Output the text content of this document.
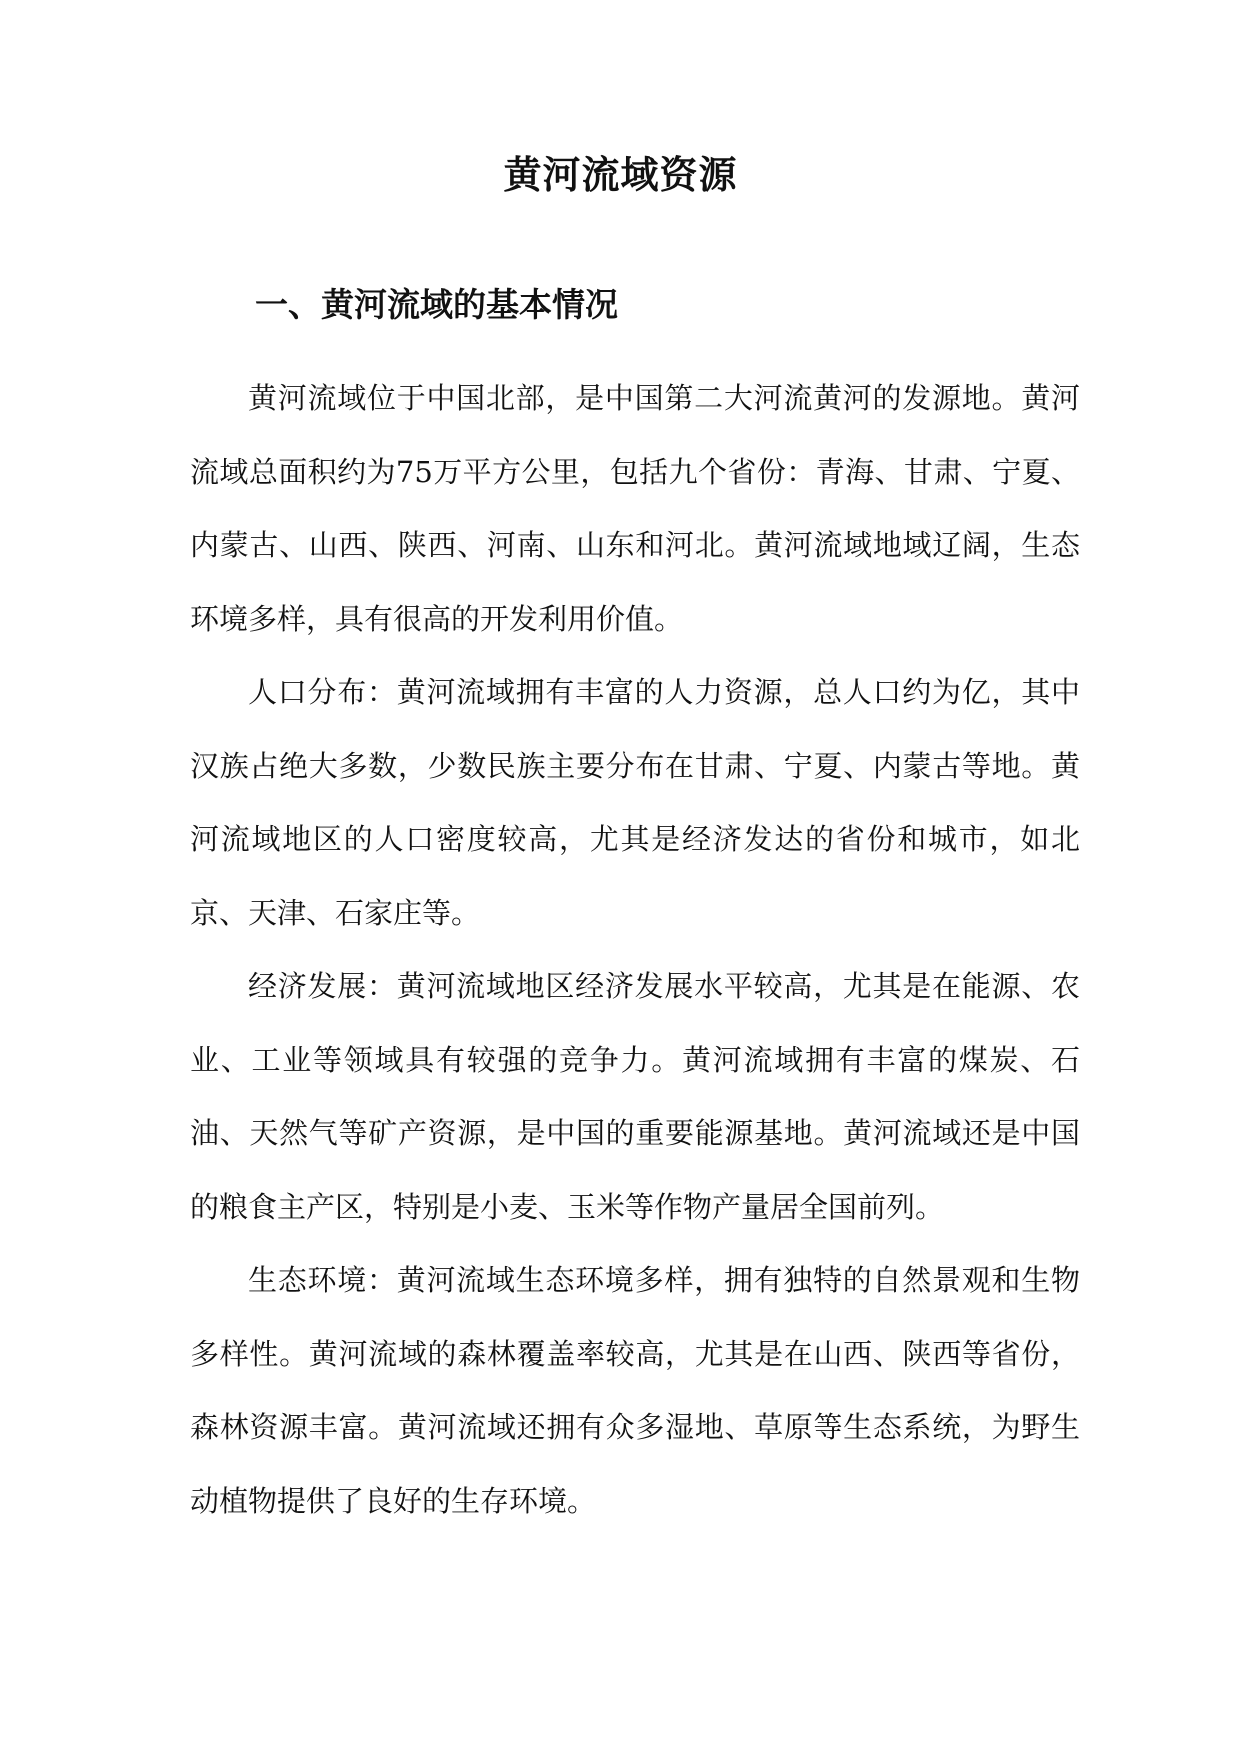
黄河流域资源
一、黄河流域的基本情况

黄河流域位于中国北部，是中国第二大河流黄河的发源地。黄河流域总面积约为75万平方公里，包括九个省份：青海、甘肃、宁夏、内蒙古、山西、陕西、河南、山东和河北。黄河流域地域辽阔，生态环境多样，具有很高的开发利用价值。

人口分布：黄河流域拥有丰富的人力资源，总人口约为亿，其中汉族占绝大多数，少数民族主要分布在甘肃、宁夏、内蒙古等地。黄河流域地区的人口密度较高，尤其是经济发达的省份和城市，如北京、天津、石家庄等。

经济发展：黄河流域地区经济发展水平较高，尤其是在能源、农业、工业等领域具有较强的竞争力。黄河流域拥有丰富的煤炭、石油、天然气等矿产资源，是中国的重要能源基地。黄河流域还是中国的粮食主产区，特别是小麦、玉米等作物产量居全国前列。

生态环境：黄河流域生态环境多样，拥有独特的自然景观和生物多样性。黄河流域的森林覆盖率较高，尤其是在山西、陕西等省份，森林资源丰富。黄河流域还拥有众多湿地、草原等生态系统，为野生动植物提供了良好的生存环境。
